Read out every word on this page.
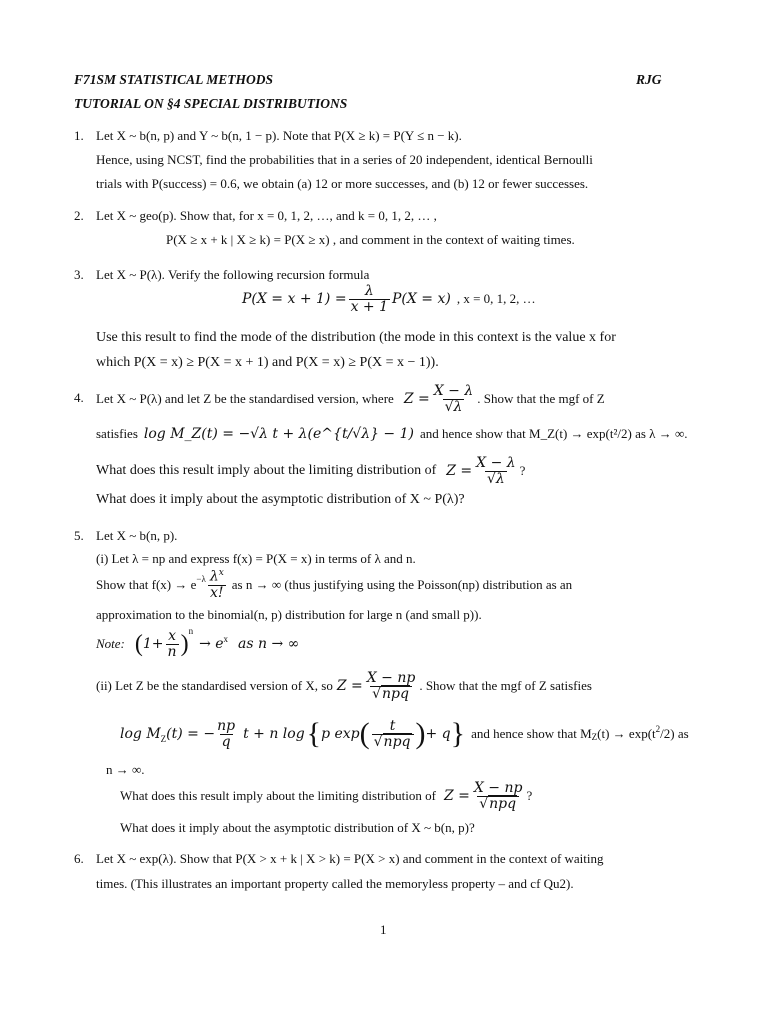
F71SM STATISTICAL METHODS	RJG
TUTORIAL ON §4 SPECIAL DISTRIBUTIONS
1. Let X ~ b(n, p) and Y ~ b(n, 1 − p). Note that P(X ≥ k) = P(Y ≤ n − k).
Hence, using NCST, find the probabilities that in a series of 20 independent, identical Bernoulli
trials with P(success) = 0.6, we obtain (a) 12 or more successes, and (b) 12 or fewer successes.
2. Let X ~ geo(p). Show that, for x = 0, 1, 2, …, and k = 0, 1, 2, … ,
P(X ≥ x + k | X ≥ k) = P(X ≥ x) , and comment in the context of waiting times.
3. Let X ~ P(λ). Verify the following recursion formula
$P(X = x + 1) = \frac{\lambda}{x + 1} P(X = x)$ , x = 0, 1, 2, …
Use this result to find the mode of the distribution (the mode in this context is the value x for
which P(X = x) ≥ P(X = x + 1) and P(X = x) ≥ P(X = x − 1)).
4. Let X ~ P(λ) and let Z be the standardised version, where $Z = \frac{X - \lambda}{√\lambda}$ . Show that the mgf of Z
satisfies log M_Z(t) = −√λ t + λ(e^{t/√λ} − 1) and hence show that M_Z(t) → exp(t²/2) as λ → ∞.
What does this result imply about the limiting distribution of $Z = \frac{X - \lambda}{√\lambda}$ ?
What does it imply about the asymptotic distribution of X ~ P(λ)?
5. Let X ~ b(n, p).
(i) Let λ = np and express f(x) = P(X = x) in terms of λ and n.
Show that $f(x) \to e^{-\lambda} \frac{\lambda^x}{x!}$ as n → ∞ (thus justifying using the Poisson(np) distribution as an
approximation to the binomial(n, p) distribution for large n (and small p)).
Note: ( $1+ \frac{x}{n} )^n$
→ $e^x$ as n → ∞
(ii) Let Z be the standardised version of X, so $Z = \frac{X - np}{\text{√npq}}$ . Show that the mgf of Z satisfies
$\log M_Z$ (t) = − $\frac{np}{q}$ t + n log { p exp ( $\frac{t}{\text{√npq}}$ ) + q } and hence show that $M_Z$ $(t) \to \exp(t^2$ /2) as
n → ∞.
What does this result imply about the limiting distribution of $Z = \frac{X - np}{\text{√npq}}$ ?
What does it imply about the asymptotic distribution of X ~ b(n, p)?
6. Let X ~ exp(λ). Show that P(X > x + k | X > k) = P(X > x) and comment in the context of waiting
times. (This illustrates an important property called the memoryless property – and cf Qu2).
1
